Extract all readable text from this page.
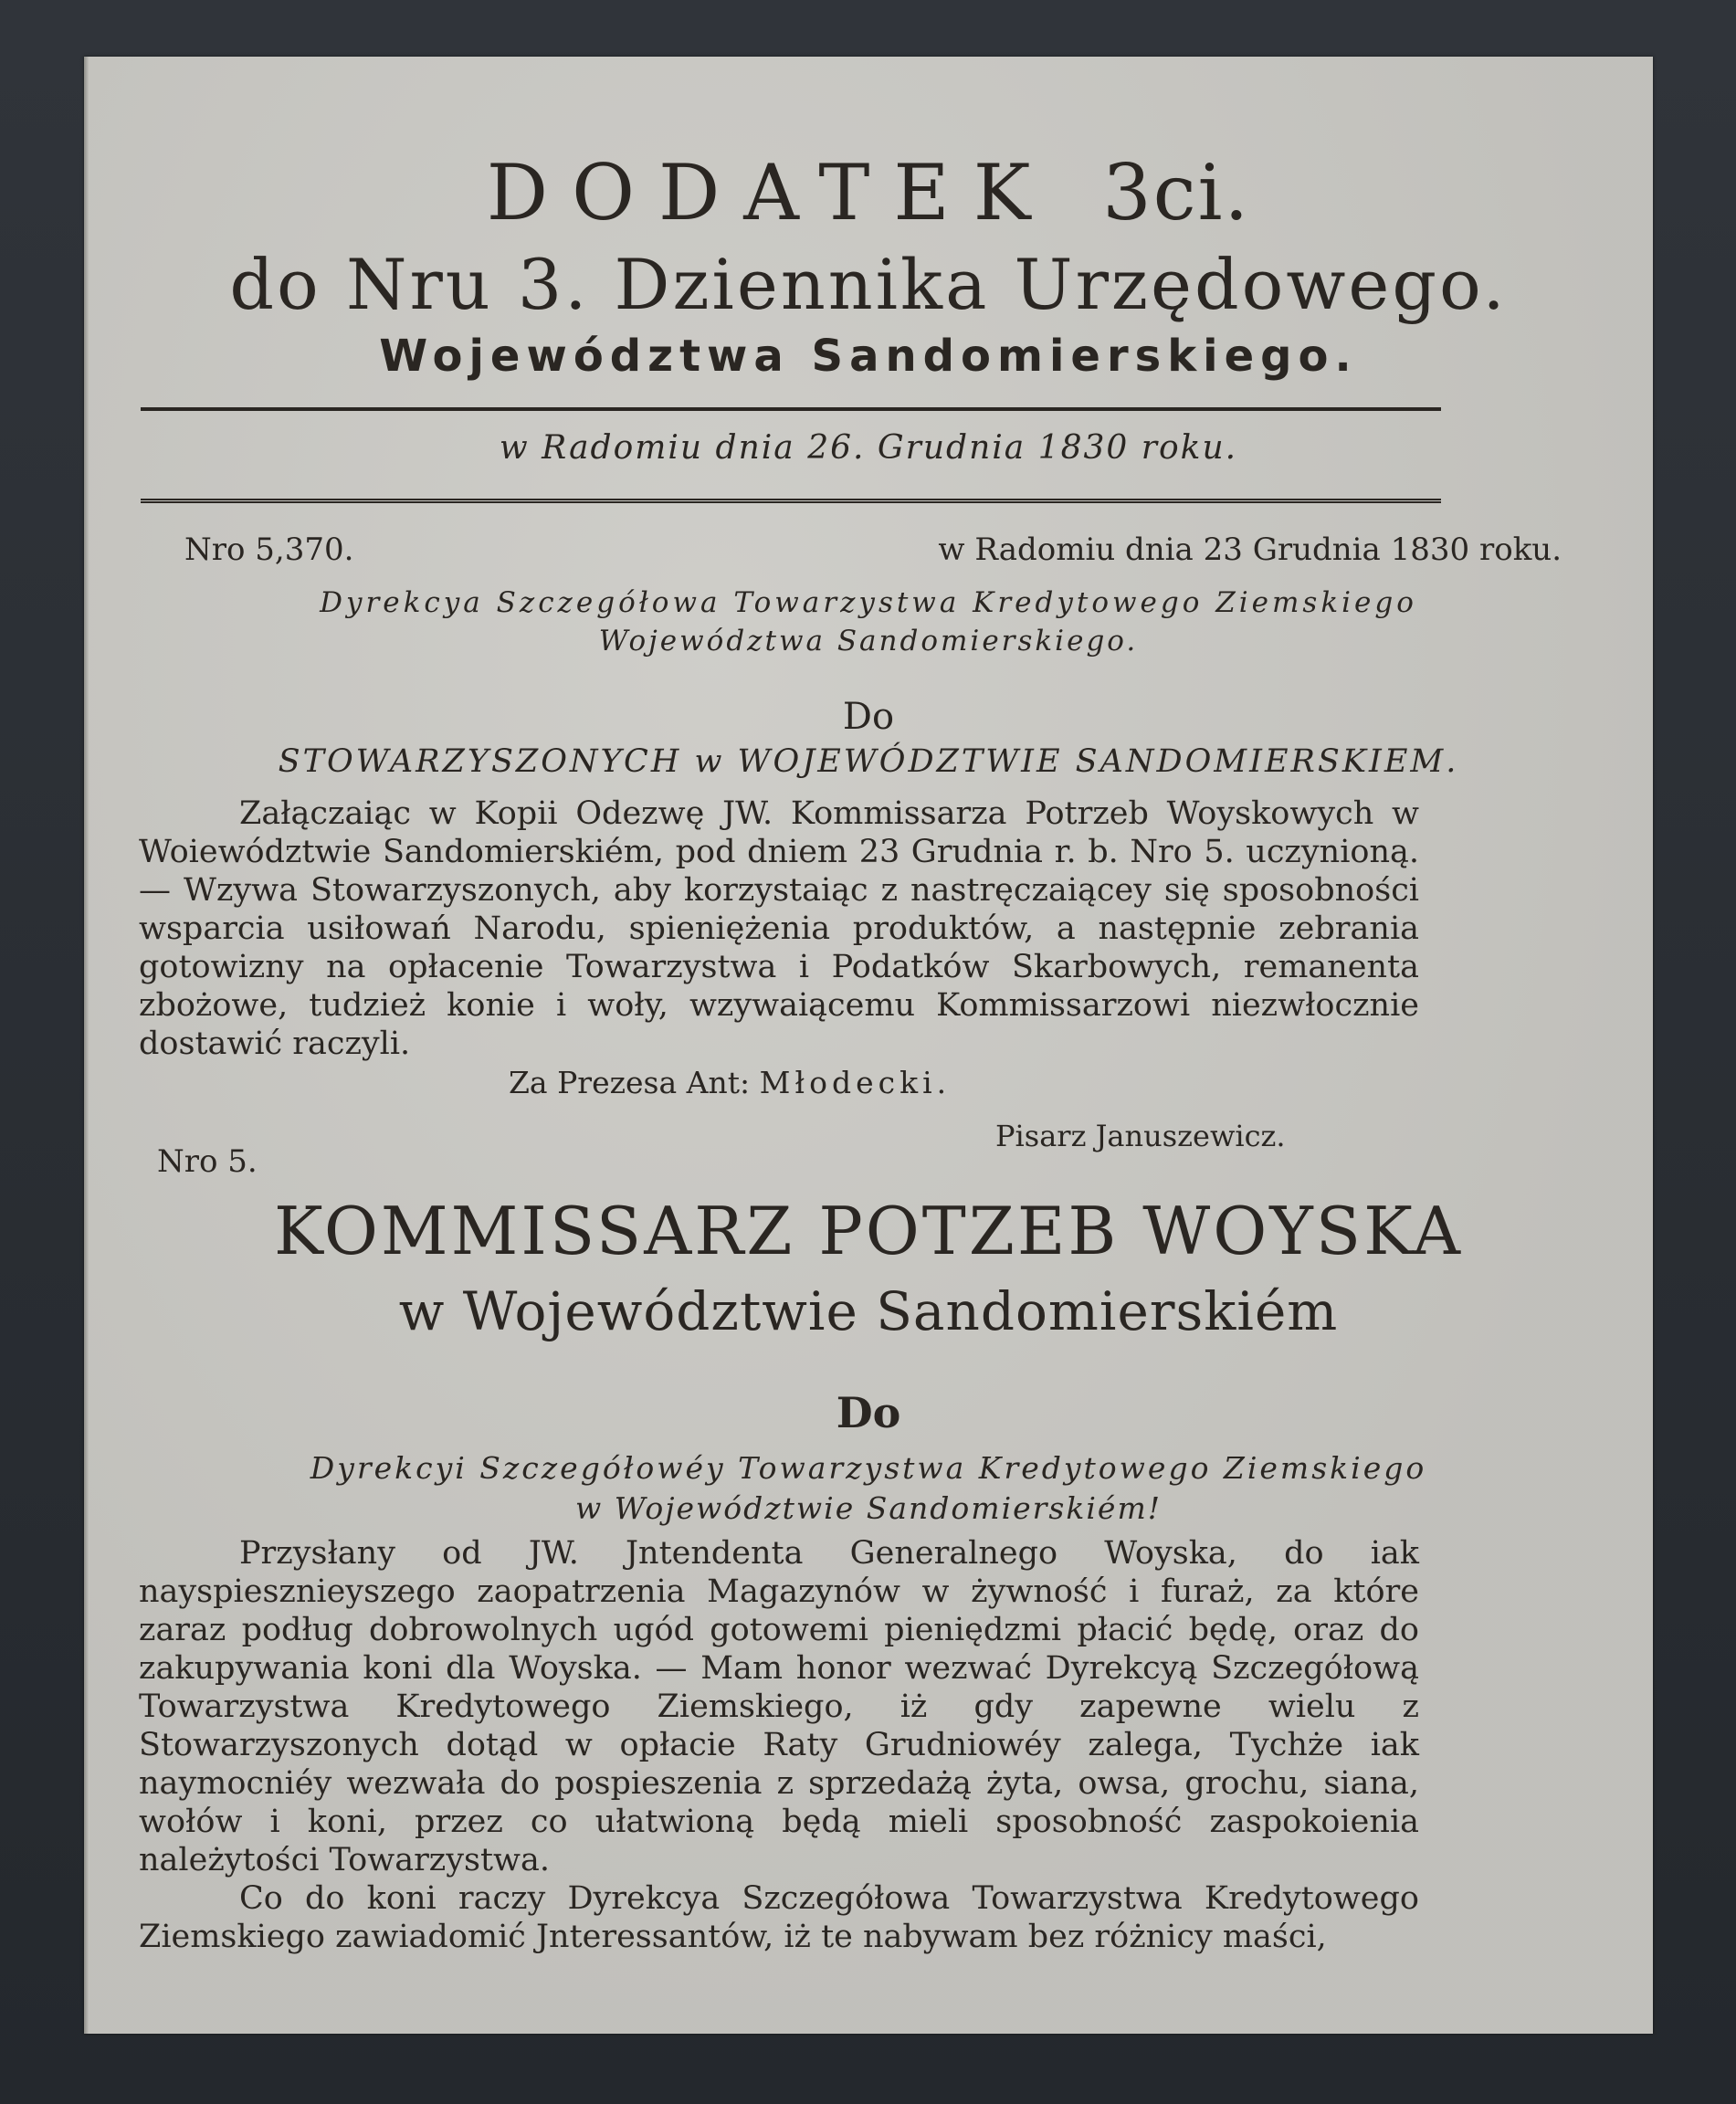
DODATEK 3ci.
do Nru 3. Dziennika Urzędowego.
Województwa Sandomierskiego.
w Radomiu dnia 26. Grudnia 1830 roku.
Nro 5,370.	w Radomiu dnia 23 Grudnia 1830 roku.
Dyrekcya Szczegółowa Towarzystwa Kredytowego Ziemskiego
Województwa Sandomierskiego.
Do
STOWARZYSZONYCH w WOJEWÓDZTWIE SANDOMIERSKIEM.

Załączaiąc w Kopii Odezwę JW. Kommissarza Potrzeb Woyskowych w Woiewództwie Sandomierskiém, pod dniem 23 Grudnia r. b. Nro 5. uczynioną. — Wzywa Stowarzyszonych, aby korzystaiąc z nastręczaiącey się sposobności wsparcia usiłowań Narodu, spieniężenia produktów, a następnie zebrania gotowizny na opłacenie Towarzystwa i Podatków Skarbowych, remanenta zbożowe, tudzież konie i woły, wzywaiącemu Kommissarzowi niezwłocznie dostawić raczyli.

Za Prezesa Ant: Młodecki.
Pisarz Januszewicz.
Nro 5.
KOMMISSARZ POTZEB WOYSKA
w Województwie Sandomierskiém
Do
Dyrekcyi Szczegółowéy Towarzystwa Kredytowego Ziemskiego
w Województwie Sandomierskiém!

Przysłany od JW. Jntendenta Generalnego Woyska, do iak nayspiesznieyszego zaopatrzenia Magazynów w żywność i furaż, za które zaraz podług dobrowolnych ugód gotowemi pieniędzmi płacić będę, oraz do zakupywania koni dla Woyska. — Mam honor wezwać Dyrekcyą Szczegółową Towarzystwa Kredytowego Ziemskiego, iż gdy zapewne wielu z Stowarzyszonych dotąd w opłacie Raty Grudniowéy zalega, Tychże iak naymocniéy wezwała do pospieszenia z sprzedażą żyta, owsa, grochu, siana, wołów i koni, przez co ułatwioną będą mieli sposobność zaspokoienia należytości Towarzystwa.

Co do koni raczy Dyrekcya Szczegółowa Towarzystwa Kredytowego Ziemskiego zawiadomić Jnteressantów, iż te nabywam bez różnicy maści,
